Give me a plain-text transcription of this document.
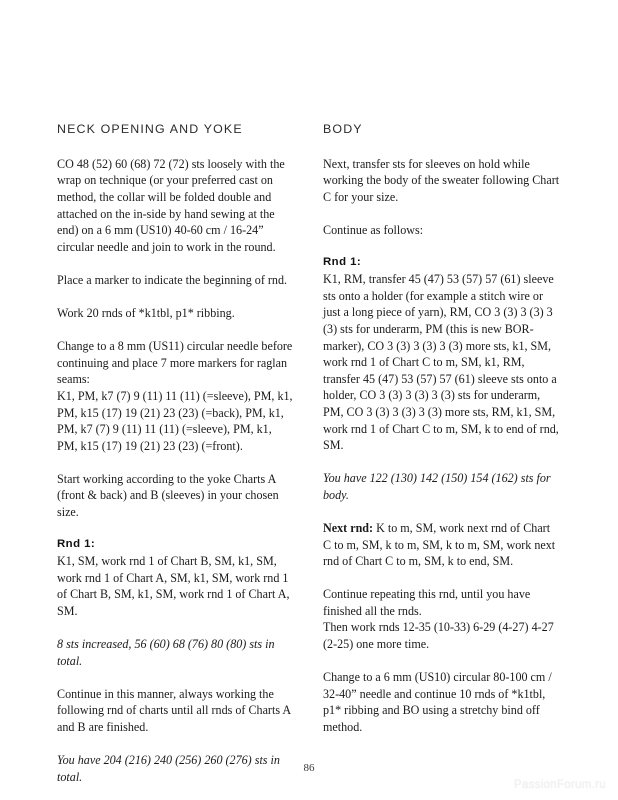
NECK OPENING AND YOKE

CO 48 (52) 60 (68) 72 (72) sts loosely with the wrap on technique (or your preferred cast on method, the collar will be folded double and attached on the in-side by hand sewing at the end) on a 6 mm (US10) 40-60 cm / 16-24” circular needle and join to work in the round.

Place a marker to indicate the beginning of rnd.

Work 20 rnds of *k1tbl, p1* ribbing.

Change to a 8 mm (US11) circular needle before continuing and place 7 more markers for raglan seams:

K1, PM, k7 (7) 9 (11) 11 (11) (=sleeve), PM, k1, PM, k15 (17) 19 (21) 23 (23) (=back), PM, k1, PM, k7 (7) 9 (11) 11 (11) (=sleeve), PM, k1, PM, k15 (17) 19 (21) 23 (23) (=front).

Start working according to the yoke Charts A (front & back) and B (sleeves) in your chosen size.

Rnd 1:

K1, SM, work rnd 1 of Chart B, SM, k1, SM, work rnd 1 of Chart A, SM, k1, SM, work rnd 1 of Chart B, SM, k1, SM, work rnd 1 of Chart A, SM.

8 sts increased, 56 (60) 68 (76) 80 (80) sts in total.

Continue in this manner, always working the  following rnd of charts until all rnds of Charts A and B are finished.

You have 204 (216) 240 (256) 260 (276) sts in total.

BODY

Next, transfer sts for sleeves on hold while working the body of the sweater following Chart C for your size.

Continue as follows:

Rnd 1:

K1, RM, transfer 45 (47) 53 (57) 57 (61) sleeve sts onto a holder (for example a stitch wire or just a long piece of yarn), RM, CO 3 (3) 3 (3) 3 (3) sts for underarm, PM (this is new BOR-marker), CO 3 (3) 3 (3) 3 (3) more sts, k1, SM, work rnd 1 of Chart C to m, SM, k1, RM, transfer 45 (47) 53 (57) 57 (61) sleeve sts onto a holder, CO 3 (3) 3 (3) 3 (3) sts for underarm, PM, CO 3 (3) 3 (3) 3 (3) more sts, RM, k1, SM, work rnd 1 of Chart C to m, SM, k to end of rnd, SM.

You have 122 (130) 142 (150) 154 (162) sts for body.

Next rnd: K to m, SM, work next rnd of Chart C to m, SM, k to m, SM, k to m, SM, work next rnd of Chart C to m, SM, k to end, SM.

Continue repeating this rnd, until you have finished all the rnds.

Then work rnds 12-35 (10-33) 6-29 (4-27) 4-27 (2-25) one more time.

Change to a 6 mm (US10) circular 80-100 cm / 32-40” needle and continue 10 rnds of *k1tbl, p1* ribbing and BO using a stretchy bind off method.

86
PassionForum.ru
